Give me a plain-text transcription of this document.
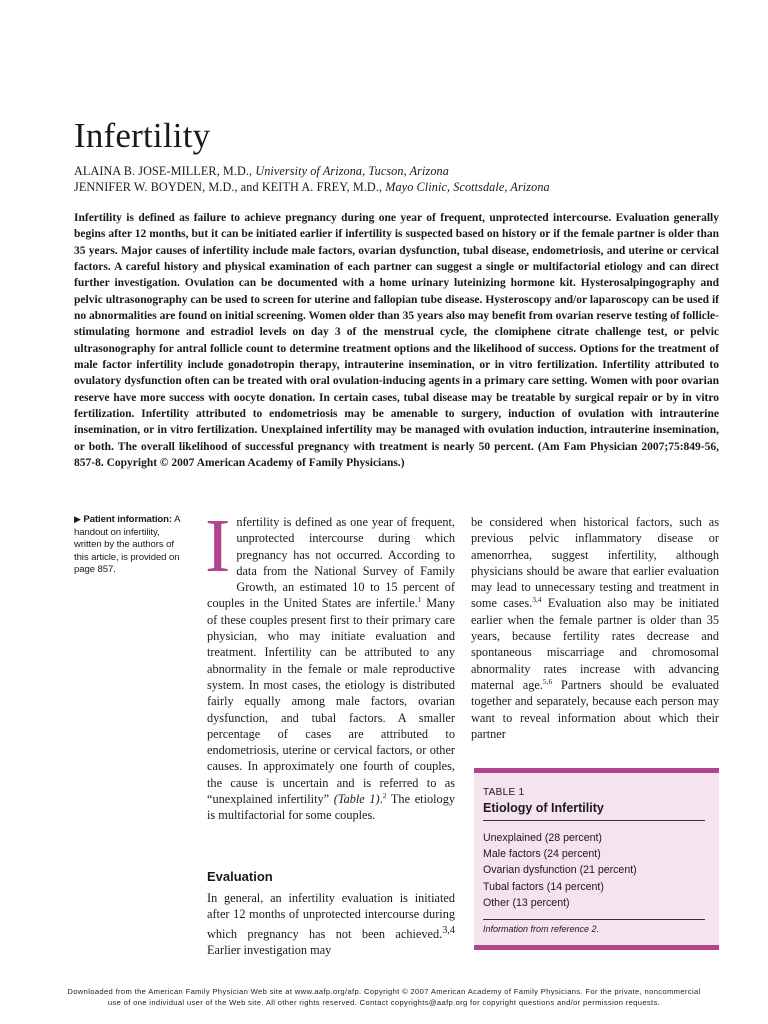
Infertility
ALAINA B. JOSE-MILLER, M.D., University of Arizona, Tucson, Arizona
JENNIFER W. BOYDEN, M.D., and KEITH A. FREY, M.D., Mayo Clinic, Scottsdale, Arizona

Infertility is defined as failure to achieve pregnancy during one year of frequent, unprotected intercourse. Evaluation generally begins after 12 months, but it can be initiated earlier if infertility is suspected based on history or if the female partner is older than 35 years. Major causes of infertility include male factors, ovarian dysfunction, tubal disease, endometriosis, and uterine or cervical factors. A careful history and physical examination of each partner can suggest a single or multifactorial etiology and can direct further investigation. Ovulation can be documented with a home urinary luteinizing hormone kit. Hysterosalpingography and pelvic ultrasonography can be used to screen for uterine and fallopian tube disease. Hysteroscopy and/or laparoscopy can be used if no abnormalities are found on initial screening. Women older than 35 years also may benefit from ovarian reserve testing of follicle-stimulating hormone and estradiol levels on day 3 of the menstrual cycle, the clomiphene citrate challenge test, or pelvic ultrasonography for antral follicle count to determine treatment options and the likelihood of success. Options for the treatment of male factor infertility include gonadotropin therapy, intrauterine insemination, or in vitro fertilization. Infertility attributed to ovulatory dysfunction often can be treated with oral ovulation-inducing agents in a primary care setting. Women with poor ovarian reserve have more success with oocyte donation. In certain cases, tubal disease may be treatable by surgical repair or by in vitro fertilization. Infertility attributed to endometriosis may be amenable to surgery, induction of ovulation with intrauterine insemination, or in vitro fertilization. Unexplained infertility may be managed with ovulation induction, intrauterine insemination, or both. The overall likelihood of successful pregnancy with treatment is nearly 50 percent. (Am Fam Physician 2007;75:849-56, 857-8. Copyright © 2007 American Academy of Family Physicians.)

▶ Patient information: A handout on infertility, written by the authors of this article, is provided on page 857.	Infertility is defined as one year of frequent, unprotected intercourse during which pregnancy has not occurred. According to data from the National Survey of Family Growth, an estimated 10 to 15 percent of couples in the United States are infertile.$^1$ Many of these couples present first to their primary care physician, who may initiate evaluation and treatment. Infertility can be attributed to any abnormality in the female or male reproductive system. In most cases, the etiology is distributed fairly equally among male factors, ovarian dysfunction, and tubal factors. A smaller percentage of cases are attributed to endometriosis, uterine or cervical factors, or other causes. In approximately one fourth of couples, the cause is uncertain and is referred to as “unexplained infertility” (Table 1).$^2$ The etiology is multifactorial for some couples.

Evaluation

In general, an infertility evaluation is initiated after 12 months of unprotected intercourse during which pregnancy has not been achieved.$^{3,4}$ Earlier investigation may

be considered when historical factors, such as previous pelvic inflammatory disease or amenorrhea, suggest infertility, although physicians should be aware that earlier evaluation may lead to unnecessary testing and treatment in some cases.$^{3,4}$ Evaluation also may be initiated earlier when the female partner is older than 35 years, because fertility rates decrease and spontaneous miscarriage and chromosomal abnormality rates increase with advancing maternal age.$^{5,6}$ Partners should be evaluated together and separately, because each person may want to reveal information about which their partner

TABLE 1
Etiology of Infertility
Unexplained (28 percent)
Male factors (24 percent)
Ovarian dysfunction (21 percent)
Tubal factors (14 percent)
Other (13 percent)
Information from reference 2.
Downloaded from the American Family Physician Web site at www.aafp.org/afp. Copyright © 2007 American Academy of Family Physicians. For the private, noncommercial
use of one individual user of the Web site. All other rights reserved. Contact copyrights@aafp.org for copyright questions and/or permission requests.
